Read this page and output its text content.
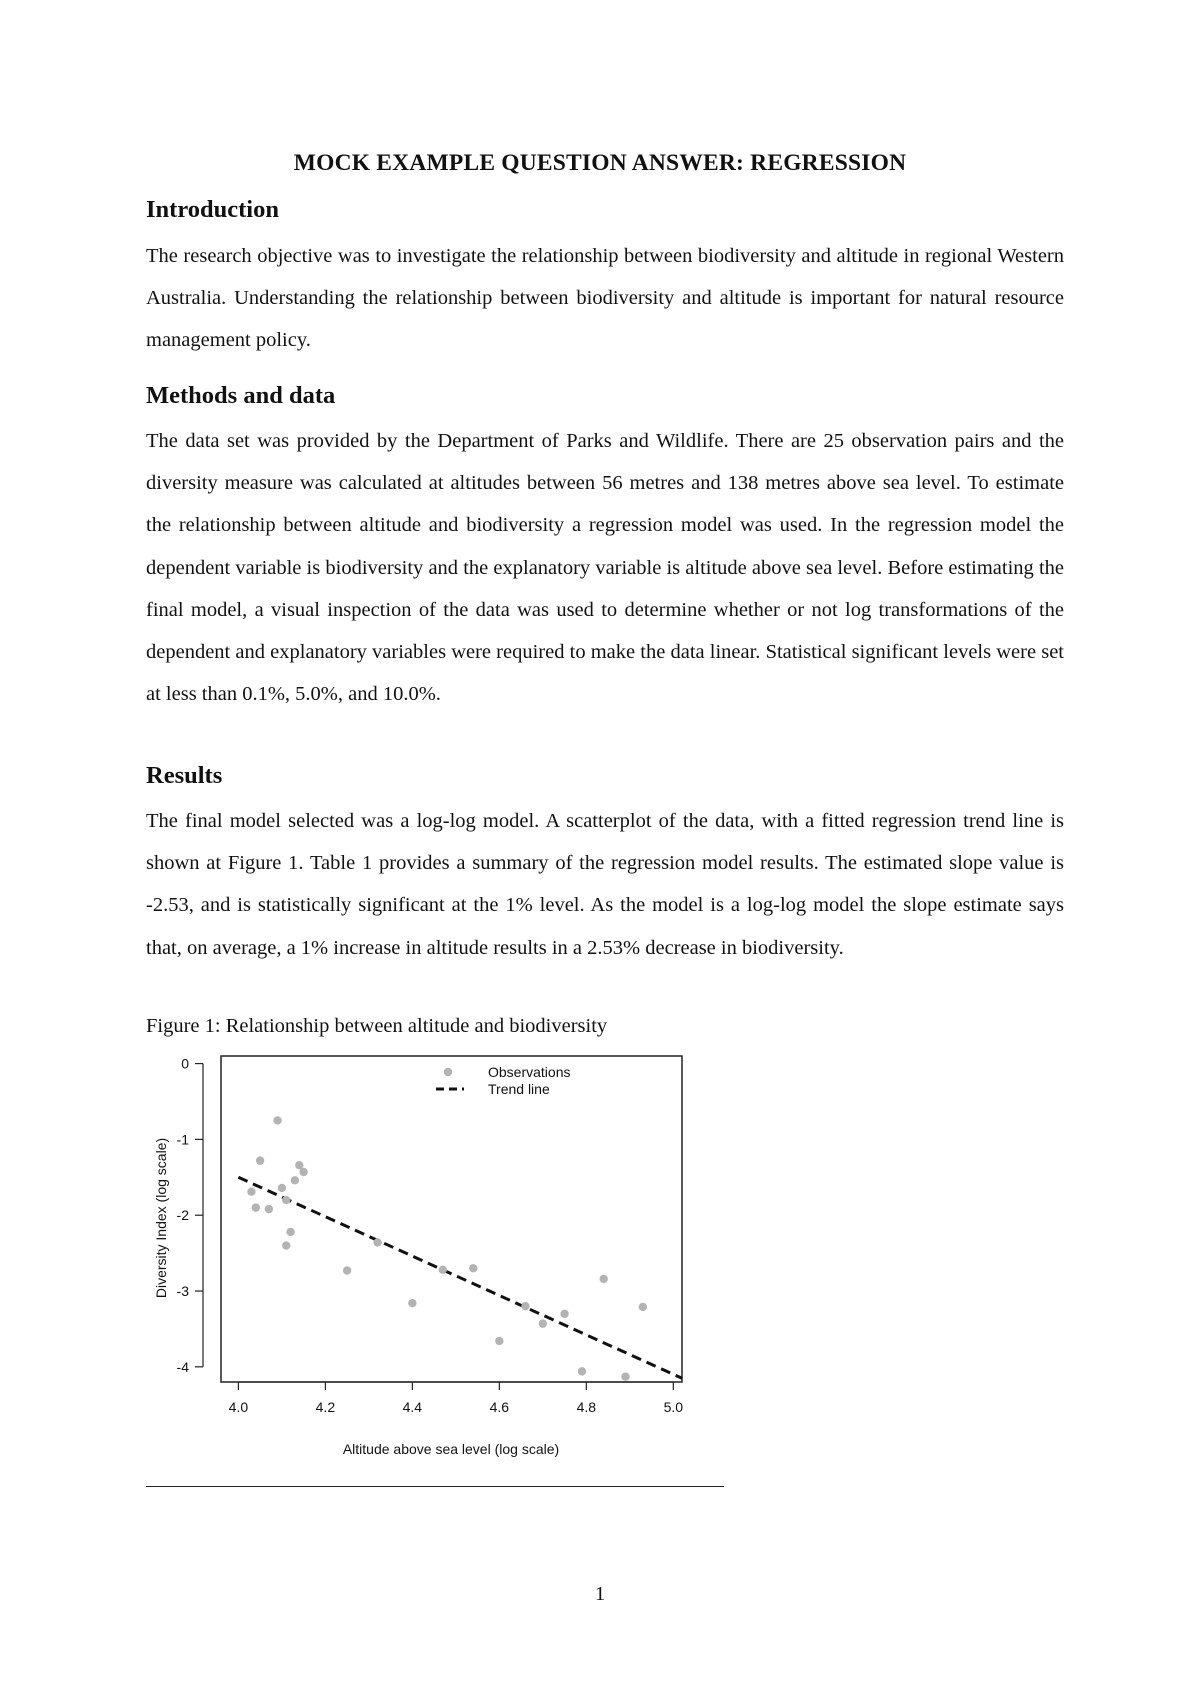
MOCK EXAMPLE QUESTION ANSWER: REGRESSION
Introduction
The research objective was to investigate the relationship between biodiversity and altitude in regional Western Australia. Understanding the relationship between biodiversity and altitude is important for natural resource management policy.
Methods and data
The data set was provided by the Department of Parks and Wildlife. There are 25 observation pairs and the diversity measure was calculated at altitudes between 56 metres and 138 metres above sea level. To estimate the relationship between altitude and biodiversity a regression model was used. In the regression model the dependent variable is biodiversity and the explanatory variable is altitude above sea level. Before estimating the final model, a visual inspection of the data was used to determine whether or not log transformations of the dependent and explanatory variables were required to make the data linear. Statistical significant levels were set at less than 0.1%, 5.0%, and 10.0%.
Results
The final model selected was a log-log model. A scatterplot of the data, with a fitted regression trend line is shown at Figure 1. Table 1 provides a summary of the regression model results. The estimated slope value is -2.53, and is statistically significant at the 1% level. As the model is a log-log model the slope estimate says that, on average, a 1% increase in altitude results in a 2.53% decrease in biodiversity.
Figure 1: Relationship between altitude and biodiversity
0
-1
-2
-3
-4
4.0	4.2	4.4	4.6	4.8	5.0
Observations
Trend line
Altitude above sea level (log scale)
Diversity Index (log scale)
1
